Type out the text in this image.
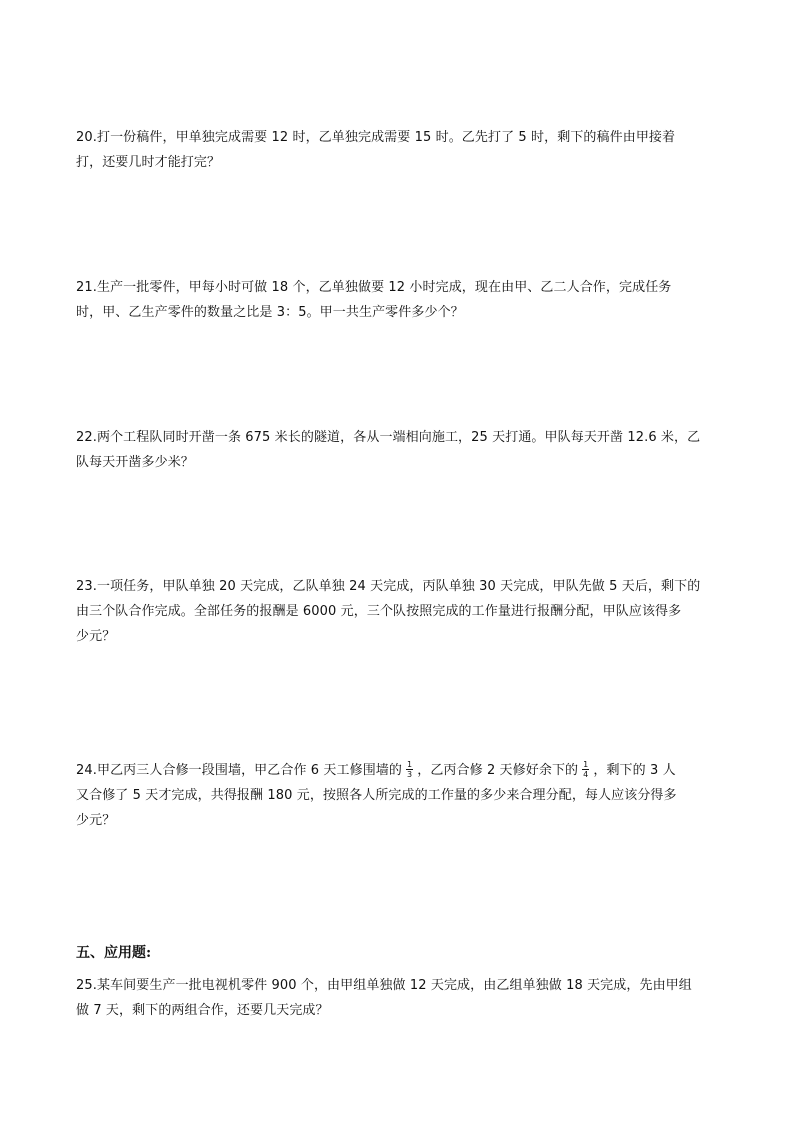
20.打一份稿件，甲单独完成需要 12 时，乙单独完成需要 15 时。乙先打了 5 时，剩下的稿件由甲接着

打，还要几时才能打完？

21.生产一批零件，甲每小时可做 18 个，乙单独做要 12 小时完成，现在由甲、乙二人合作，完成任务

时，甲、乙生产零件的数量之比是 3：5。甲一共生产零件多少个？

22.两个工程队同时开凿一条 675 米长的隧道，各从一端相向施工，25 天打通。甲队每天开凿 12.6 米，乙

队每天开凿多少米？

23.一项任务，甲队单独 20 天完成，乙队单独 24 天完成，丙队单独 30 天完成，甲队先做 5 天后，剩下的

由三个队合作完成。全部任务的报酬是 6000 元，三个队按照完成的工作量进行报酬分配，甲队应该得多

少元？

24.甲乙丙三人合修一段围墙，甲乙合作 6 天工修围墙的 $\frac{1}{3}$ ，乙丙合修 2 天修好余下的 $\frac{1}{4}$ ，剩下的 3 人

又合修了 5 天才完成，共得报酬 180 元，按照各人所完成的工作量的多少来合理分配，每人应该分得多

少元？

五、应用题:

25.某车间要生产一批电视机零件 900 个，由甲组单独做 12 天完成，由乙组单独做 18 天完成，先由甲组

做 7 天，剩下的两组合作，还要几天完成？
